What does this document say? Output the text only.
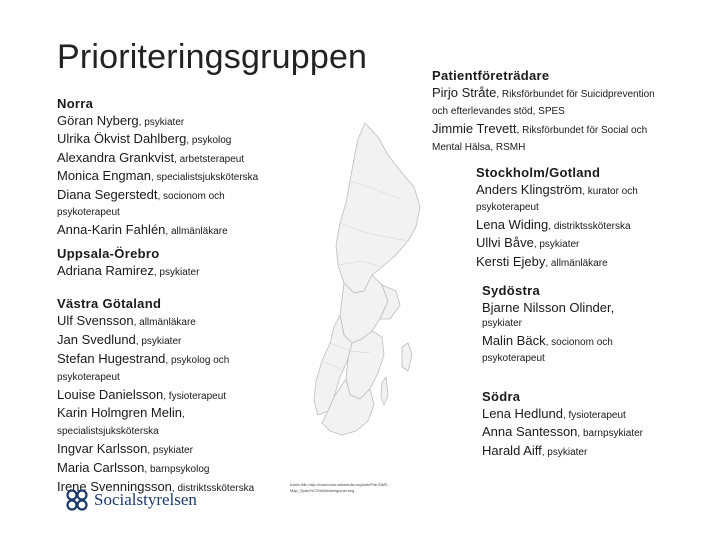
Prioriteringsgruppen	Patientföreträdare
Pirjo Stråte, Riksförbundet för Suicidprevention
och efterlevandes stöd, SPES
Jimmie Trevett, Riksförbundet för Social och
Mental Hälsa, RSMH
Norra
Göran Nyberg, psykiater
Ulrika Ökvist Dahlberg, psykolog
Alexandra Grankvist, arbetsterapeut
Monica Engman, specialistsjuksköterska
Diana Segerstedt, socionom och
psykoterapeut
Anna-Karin Fahlén, allmänläkare
Uppsala-Örebro
Adriana Ramirez, psykiater
Västra Götaland
Ulf Svensson, allmänläkare
Jan Svedlund, psykiater
Stefan Hugestrand, psykolog och
psykoterapeut
Louise Danielsson, fysioterapeut
Karin Holmgren Melin,
specialistsjuksköterska
Ingvar Karlsson, psykiater
Maria Carlsson, barnpsykolog
Irene Svenningsson, distriktssköterska
Stockholm/Gotland
Anders Klingström, kurator och
psykoterapeut
Lena Widing, distriktssköterska
Ullvi Båve, psykiater
Kersti Ejeby, allmänläkare
Sydöstra
Bjarne Nilsson Olinder,
psykiater
Malin Bäck, socionom och
psykoterapeut
Södra
Lena Hedlund, fysioterapeut
Anna Santesson, barnpsykiater
Harald Aiff, psykiater
Karta från http://commons.wikimedia.org/wiki/File:SWE-Map_Sjukv%C3%A5rdsregioner.svg
Socialstyrelsen
